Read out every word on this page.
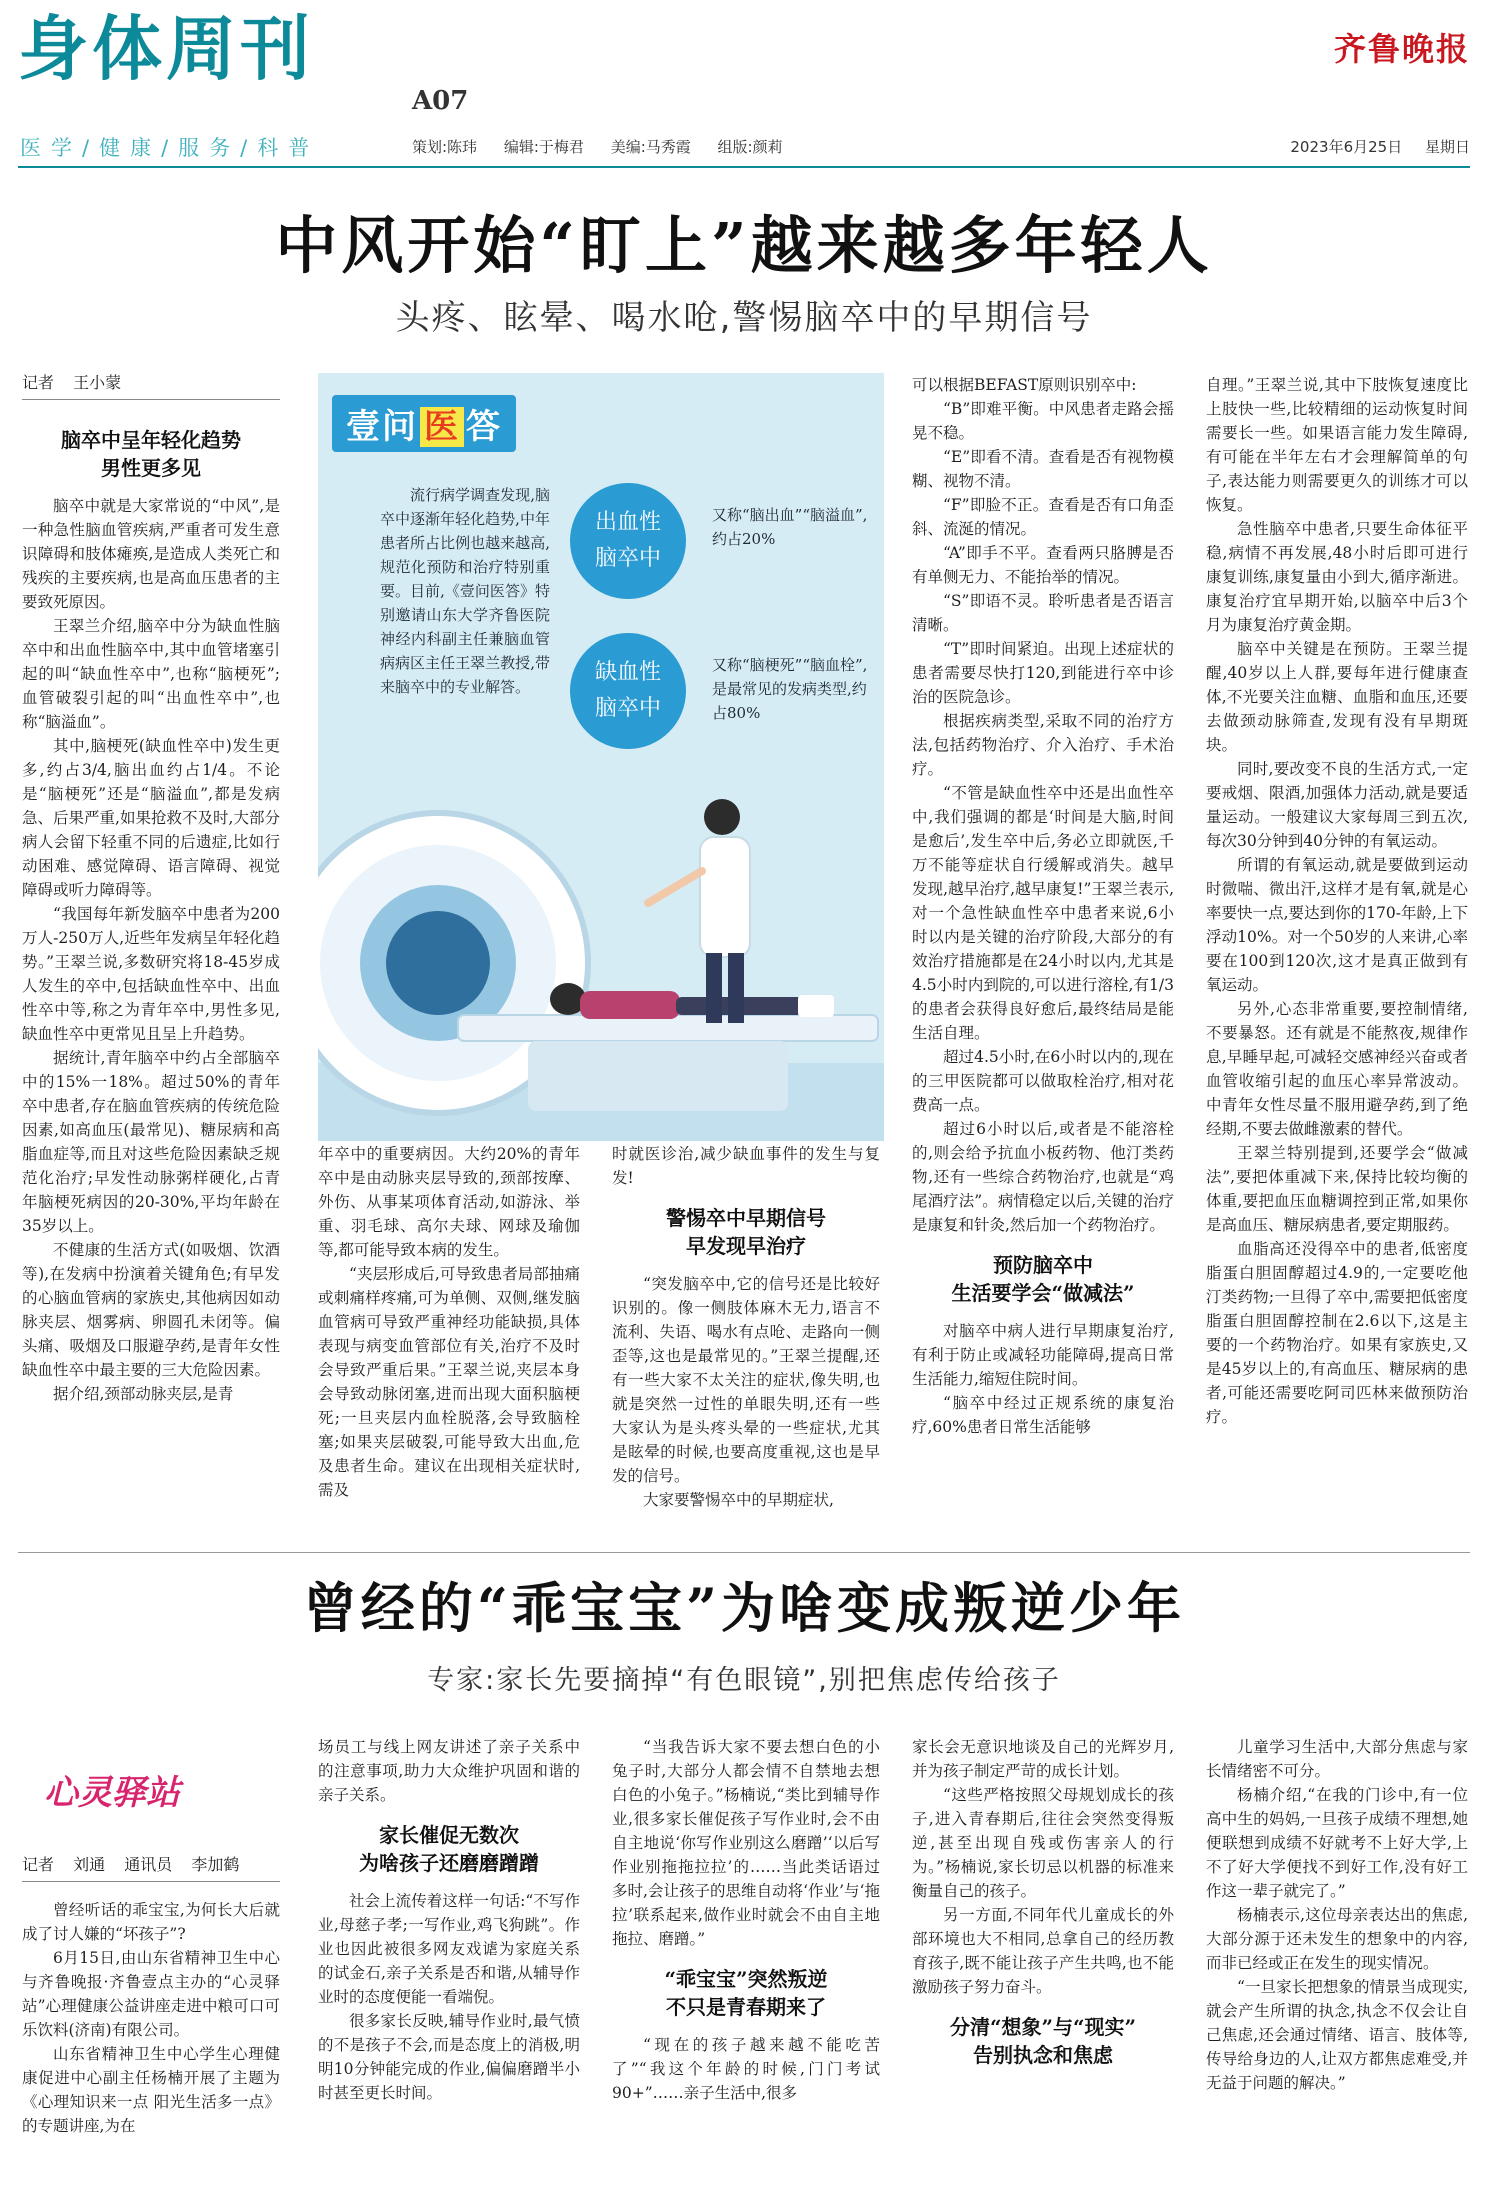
身体周刊
A07
齐鲁晚报
医学/健康/服务/科普	策划:陈玮 编辑:于梅君 美编:马秀霞 组版:颜莉	2023年6月25日 星期日
中风开始“盯上”越来越多年轻人
头疼、眩晕、喝水呛,警惕脑卒中的早期信号
记者 王小蒙
脑卒中呈年轻化趋势
男性更多见

脑卒中就是大家常说的“中风”,是一种急性脑血管疾病,严重者可发生意识障碍和肢体瘫痪,是造成人类死亡和残疾的主要疾病,也是高血压患者的主要致死原因。

王翠兰介绍,脑卒中分为缺血性脑卒中和出血性脑卒中,其中血管堵塞引起的叫“缺血性卒中”,也称“脑梗死”;血管破裂引起的叫“出血性卒中”,也称“脑溢血”。

其中,脑梗死(缺血性卒中)发生更多,约占3/4,脑出血约占1/4。不论是“脑梗死”还是“脑溢血”,都是发病急、后果严重,如果抢救不及时,大部分病人会留下轻重不同的后遗症,比如行动困难、感觉障碍、语言障碍、视觉障碍或听力障碍等。

“我国每年新发脑卒中患者为200万人-250万人,近些年发病呈年轻化趋势。”王翠兰说,多数研究将18-45岁成人发生的卒中,包括缺血性卒中、出血性卒中等,称之为青年卒中,男性多见,缺血性卒中更常见且呈上升趋势。

据统计,青年脑卒中约占全部脑卒中的15%一18%。超过50%的青年卒中患者,存在脑血管疾病的传统危险因素,如高血压(最常见)、糖尿病和高脂血症等,而且对这些危险因素缺乏规范化治疗;早发性动脉粥样硬化,占青年脑梗死病因的20-30%,平均年龄在35岁以上。

不健康的生活方式(如吸烟、饮酒等),在发病中扮演着关键角色;有早发的心脑血管病的家族史,其他病因如动脉夹层、烟雾病、卵圆孔未闭等。偏头痛、吸烟及口服避孕药,是青年女性缺血性卒中最主要的三大危险因素。

据介绍,颈部动脉夹层,是青

壹问 医 答

流行病学调查发现,脑卒中逐渐年轻化趋势,中年患者所占比例也越来越高,规范化预防和治疗特别重要。目前,《壹问医答》特别邀请山东大学齐鲁医院神经内科副主任兼脑血管病病区主任王翠兰教授,带来脑卒中的专业解答。

出血性
脑卒中
又称“脑出血”“脑溢血”,约占20%
缺血性
脑卒中
又称“脑梗死”“脑血栓”,是最常见的发病类型,约占80%

年卒中的重要病因。大约20%的青年卒中是由动脉夹层导致的,颈部按摩、外伤、从事某项体育活动,如游泳、举重、羽毛球、高尔夫球、网球及瑜伽等,都可能导致本病的发生。

“夹层形成后,可导致患者局部抽痛或刺痛样疼痛,可为单侧、双侧,继发脑血管病可导致严重神经功能缺损,具体表现与病变血管部位有关,治疗不及时会导致严重后果。”王翠兰说,夹层本身会导致动脉闭塞,进而出现大面积脑梗死;一旦夹层内血栓脱落,会导致脑栓塞;如果夹层破裂,可能导致大出血,危及患者生命。建议在出现相关症状时,需及

时就医诊治,减少缺血事件的发生与复发!

警惕卒中早期信号
早发现早治疗

“突发脑卒中,它的信号还是比较好识别的。像一侧肢体麻木无力,语言不流利、失语、喝水有点呛、走路向一侧歪等,这也是最常见的。”王翠兰提醒,还有一些大家不太关注的症状,像失明,也就是突然一过性的单眼失明,还有一些大家认为是头疼头晕的一些症状,尤其是眩晕的时候,也要高度重视,这也是早发的信号。

大家要警惕卒中的早期症状,

可以根据BEFAST原则识别卒中:

“B”即难平衡。中风患者走路会摇晃不稳。

“E”即看不清。查看是否有视物模糊、视物不清。

“F”即脸不正。查看是否有口角歪斜、流涎的情况。

“A”即手不平。查看两只胳膊是否有单侧无力、不能抬举的情况。

“S”即语不灵。聆听患者是否语言清晰。

“T”即时间紧迫。出现上述症状的患者需要尽快打120,到能进行卒中诊治的医院急诊。

根据疾病类型,采取不同的治疗方法,包括药物治疗、介入治疗、手术治疗。

“不管是缺血性卒中还是出血性卒中,我们强调的都是‘时间是大脑,时间是愈后’,发生卒中后,务必立即就医,千万不能等症状自行缓解或消失。越早发现,越早治疗,越早康复!”王翠兰表示,对一个急性缺血性卒中患者来说,6小时以内是关键的治疗阶段,大部分的有效治疗措施都是在24小时以内,尤其是4.5小时内到院的,可以进行溶栓,有1/3的患者会获得良好愈后,最终结局是能生活自理。

超过4.5小时,在6小时以内的,现在的三甲医院都可以做取栓治疗,相对花费高一点。

超过6小时以后,或者是不能溶栓的,则会给予抗血小板药物、他汀类药物,还有一些综合药物治疗,也就是“鸡尾酒疗法”。病情稳定以后,关键的治疗是康复和针灸,然后加一个药物治疗。

预防脑卒中
生活要学会“做减法”

对脑卒中病人进行早期康复治疗,有利于防止或减轻功能障碍,提高日常生活能力,缩短住院时间。

“脑卒中经过正规系统的康复治疗,60%患者日常生活能够

自理。”王翠兰说,其中下肢恢复速度比上肢快一些,比较精细的运动恢复时间需要长一些。如果语言能力发生障碍,有可能在半年左右才会理解简单的句子,表达能力则需要更久的训练才可以恢复。

急性脑卒中患者,只要生命体征平稳,病情不再发展,48小时后即可进行康复训练,康复量由小到大,循序渐进。康复治疗宜早期开始,以脑卒中后3个月为康复治疗黄金期。

脑卒中关键是在预防。王翠兰提醒,40岁以上人群,要每年进行健康查体,不光要关注血糖、血脂和血压,还要去做颈动脉筛查,发现有没有早期斑块。

同时,要改变不良的生活方式,一定要戒烟、限酒,加强体力活动,就是要适量运动。一般建议大家每周三到五次,每次30分钟到40分钟的有氧运动。

所谓的有氧运动,就是要做到运动时微喘、微出汗,这样才是有氧,就是心率要快一点,要达到你的170-年龄,上下浮动10%。对一个50岁的人来讲,心率要在100到120次,这才是真正做到有氧运动。

另外,心态非常重要,要控制情绪,不要暴怒。还有就是不能熬夜,规律作息,早睡早起,可减轻交感神经兴奋或者血管收缩引起的血压心率异常波动。中青年女性尽量不服用避孕药,到了绝经期,不要去做雌激素的替代。

王翠兰特别提到,还要学会“做减法”,要把体重减下来,保持比较均衡的体重,要把血压血糖调控到正常,如果你是高血压、糖尿病患者,要定期服药。

血脂高还没得卒中的患者,低密度脂蛋白胆固醇超过4.9的,一定要吃他汀类药物;一旦得了卒中,需要把低密度脂蛋白胆固醇控制在2.6以下,这是主要的一个药物治疗。如果有家族史,又是45岁以上的,有高血压、糖尿病的患者,可能还需要吃阿司匹林来做预防治疗。

曾经的“乖宝宝”为啥变成叛逆少年
专家:家长先要摘掉“有色眼镜”,别把焦虑传给孩子
心灵驿站
记者 刘通 通讯员 李加鹤

曾经听话的乖宝宝,为何长大后就成了讨人嫌的“坏孩子”?

6月15日,由山东省精神卫生中心与齐鲁晚报·齐鲁壹点主办的“心灵驿站”心理健康公益讲座走进中粮可口可乐饮料(济南)有限公司。

山东省精神卫生中心学生心理健康促进中心副主任杨楠开展了主题为《心理知识来一点 阳光生活多一点》的专题讲座,为在

场员工与线上网友讲述了亲子关系中的注意事项,助力大众维护巩固和谐的亲子关系。

家长催促无数次
为啥孩子还磨磨蹭蹭

社会上流传着这样一句话:“不写作业,母慈子孝;一写作业,鸡飞狗跳”。作业也因此被很多网友戏谑为家庭关系的试金石,亲子关系是否和谐,从辅导作业时的态度便能一看端倪。

很多家长反映,辅导作业时,最气愤的不是孩子不会,而是态度上的消极,明明10分钟能完成的作业,偏偏磨蹭半小时甚至更长时间。

“当我告诉大家不要去想白色的小兔子时,大部分人都会情不自禁地去想白色的小兔子。”杨楠说,“类比到辅导作业,很多家长催促孩子写作业时,会不由自主地说‘你写作业别这么磨蹭’‘以后写作业别拖拖拉拉’的……当此类话语过多时,会让孩子的思维自动将‘作业’与‘拖拉’联系起来,做作业时就会不由自主地拖拉、磨蹭。”

“乖宝宝”突然叛逆
不只是青春期来了

“现在的孩子越来越不能吃苦了”“我这个年龄的时候,门门考试90+”……亲子生活中,很多

家长会无意识地谈及自己的光辉岁月,并为孩子制定严苛的成长计划。

“这些严格按照父母规划成长的孩子,进入青春期后,往往会突然变得叛逆,甚至出现自残或伤害亲人的行为。”杨楠说,家长切忌以机器的标准来衡量自己的孩子。

另一方面,不同年代儿童成长的外部环境也大不相同,总拿自己的经历教育孩子,既不能让孩子产生共鸣,也不能激励孩子努力奋斗。

分清“想象”与“现实”
告别执念和焦虑

儿童学习生活中,大部分焦虑与家长情绪密不可分。

杨楠介绍,“在我的门诊中,有一位高中生的妈妈,一旦孩子成绩不理想,她便联想到成绩不好就考不上好大学,上不了好大学便找不到好工作,没有好工作这一辈子就完了。”

杨楠表示,这位母亲表达出的焦虑,大部分源于还未发生的想象中的内容,而非已经或正在发生的现实情况。

“一旦家长把想象的情景当成现实,就会产生所谓的执念,执念不仅会让自己焦虑,还会通过情绪、语言、肢体等,传导给身边的人,让双方都焦虑难受,并无益于问题的解决。”
